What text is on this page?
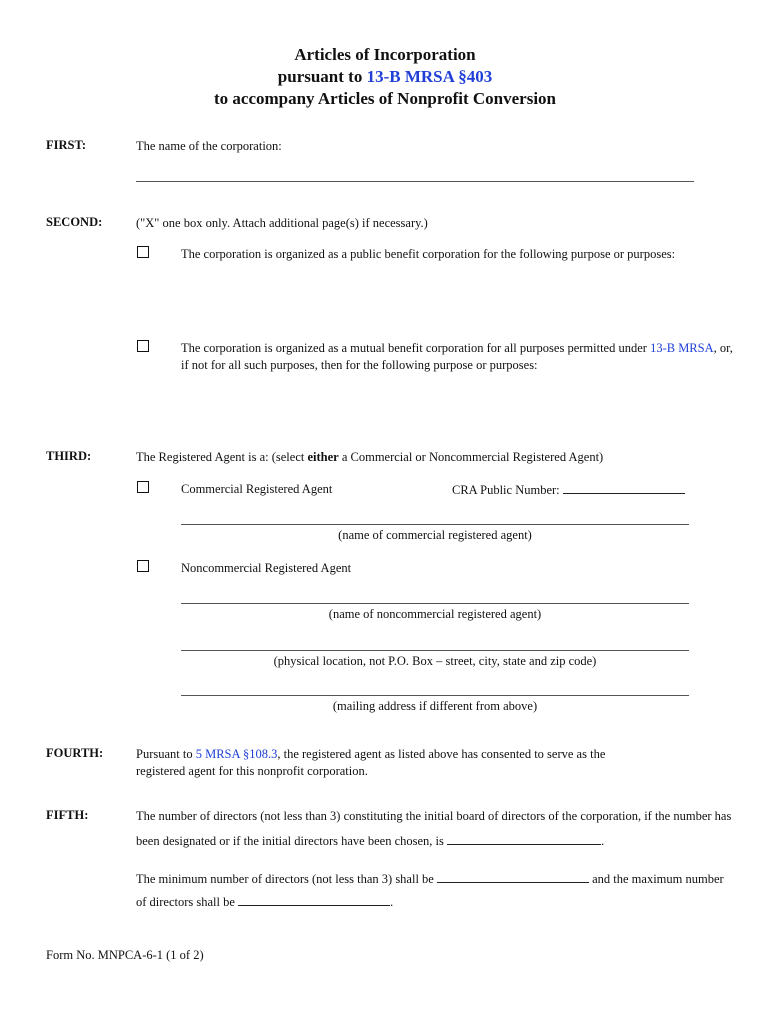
Articles of Incorporation
pursuant to 13-B MRSA §403
to accompany Articles of Nonprofit Conversion
FIRST:	The name of the corporation:
SECOND:	("X" one box only. Attach additional page(s) if necessary.)
The corporation is organized as a public benefit corporation for the following purpose or purposes:
The corporation is organized as a mutual benefit corporation for all purposes permitted under 13-B MRSA, or,
if not for all such purposes, then for the following purpose or purposes:
THIRD:	The Registered Agent is a: (select either a Commercial or Noncommercial Registered Agent)
Commercial Registered Agent	CRA Public Number:
(name of commercial registered agent)
Noncommercial Registered Agent
(name of noncommercial registered agent)
(physical location, not P.O. Box – street, city, state and zip code)
(mailing address if different from above)
FOURTH:	Pursuant to 5 MRSA §108.3, the registered agent as listed above has consented to serve as the
registered agent for this nonprofit corporation.
FIFTH:	The number of directors (not less than 3) constituting the initial board of directors of the corporation, if the number has
been designated or if the initial directors have been chosen, is	.
The minimum number of directors (not less than 3) shall be	and the maximum number
of directors shall be	.
Form No. MNPCA-6-1 (1 of 2)
